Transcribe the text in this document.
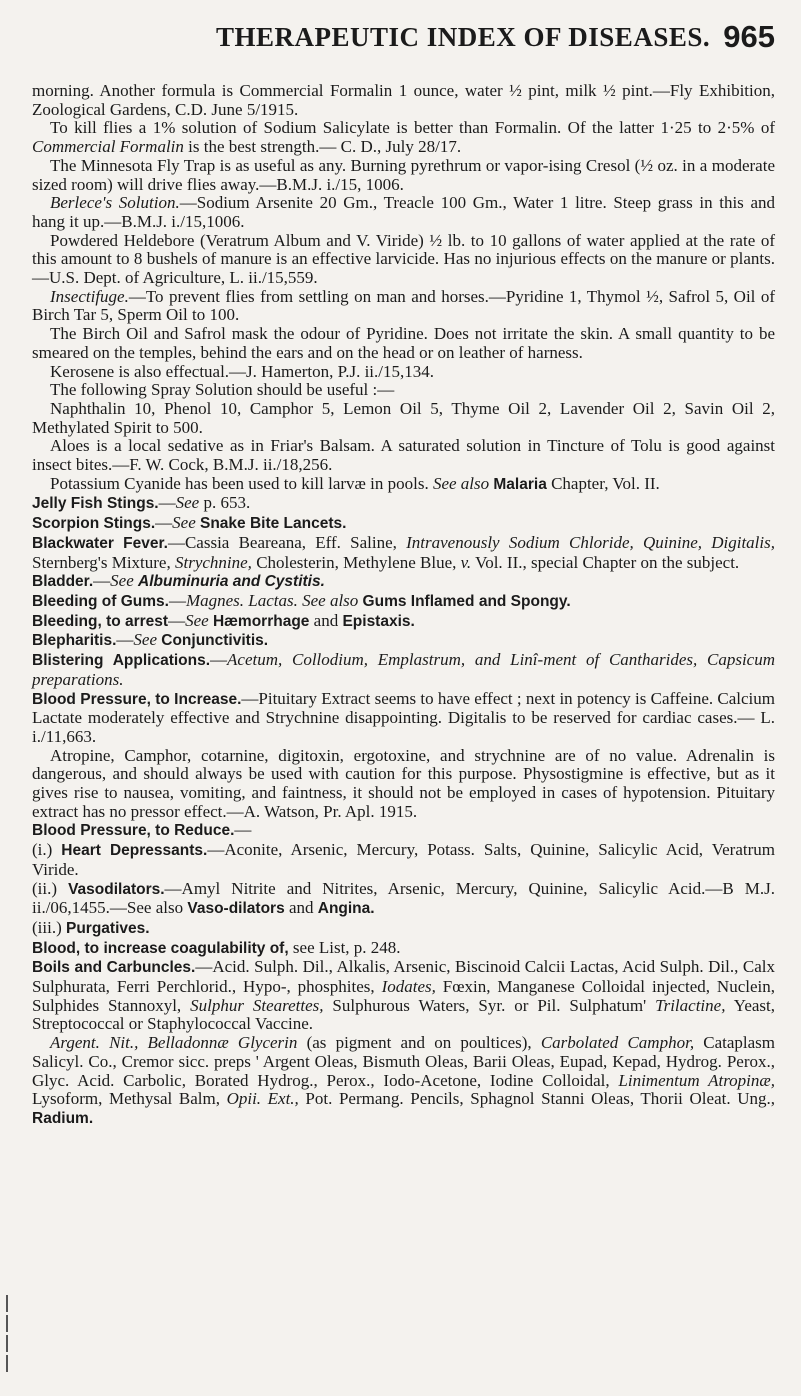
THERAPEUTIC INDEX OF DISEASES. 965

morning. Another formula is Commercial Formalin 1 ounce, water ½ pint, milk ½ pint.—Fly Exhibition, Zoological Gardens, C.D. June 5/1915.

To kill flies a 1% solution of Sodium Salicylate is better than Formalin. Of the latter 1·25 to 2·5% of Commercial Formalin is the best strength.— C. D., July 28/17.

The Minnesota Fly Trap is as useful as any. Burning pyrethrum or vapor-ising Cresol (½ oz. in a moderate sized room) will drive flies away.—B.M.J. i./15, 1006.

Berlece's Solution.—Sodium Arsenite 20 Gm., Treacle 100 Gm., Water 1 litre. Steep grass in this and hang it up.—B.M.J. i./15,1006.

Powdered Heldebore (Veratrum Album and V. Viride) ½ lb. to 10 gallons of water applied at the rate of this amount to 8 bushels of manure is an effective larvicide. Has no injurious effects on the manure or plants.—U.S. Dept. of Agriculture, L. ii./15,559.

Insectifuge.—To prevent flies from settling on man and horses.—Pyridine 1, Thymol ½, Safrol 5, Oil of Birch Tar 5, Sperm Oil to 100.

The Birch Oil and Safrol mask the odour of Pyridine. Does not irritate the skin. A small quantity to be smeared on the temples, behind the ears and on the head or on leather of harness.

Kerosene is also effectual.—J. Hamerton, P.J. ii./15,134.

The following Spray Solution should be useful :—

Naphthalin 10, Phenol 10, Camphor 5, Lemon Oil 5, Thyme Oil 2, Lavender Oil 2, Savin Oil 2, Methylated Spirit to 500.

Aloes is a local sedative as in Friar's Balsam. A saturated solution in Tincture of Tolu is good against insect bites.—F. W. Cock, B.M.J. ii./18,256.

Potassium Cyanide has been used to kill larvæ in pools. See also Malaria Chapter, Vol. II.

Jelly Fish Stings.—See p. 653.

Scorpion Stings.—See Snake Bite Lancets.

Blackwater Fever.—Cassia Beareana, Eff. Saline, Intravenously Sodium Chloride, Quinine, Digitalis, Sternberg's Mixture, Strychnine, Cholesterin, Methylene Blue, v. Vol. II., special Chapter on the subject.

Bladder.—See Albuminuria and Cystitis.

Bleeding of Gums.—Magnes. Lactas. See also Gums Inflamed and Spongy.

Bleeding, to arrest—See Hæmorrhage and Epistaxis.

Blepharitis.—See Conjunctivitis.

Blistering Applications.—Acetum, Collodium, Emplastrum, and Linî-ment of Cantharides, Capsicum preparations.

Blood Pressure, to Increase.—Pituitary Extract seems to have effect ; next in potency is Caffeine. Calcium Lactate moderately effective and Strychnine disappointing. Digitalis to be reserved for cardiac cases.— L. i./11,663.

Atropine, Camphor, cotarnine, digitoxin, ergotoxine, and strychnine are of no value. Adrenalin is dangerous, and should always be used with caution for this purpose. Physostigmine is effective, but as it gives rise to nausea, vomiting, and faintness, it should not be employed in cases of hypotension. Pituitary extract has no pressor effect.—A. Watson, Pr. Apl. 1915.

Blood Pressure, to Reduce.—

(i.) Heart Depressants.—Aconite, Arsenic, Mercury, Potass. Salts, Quinine, Salicylic Acid, Veratrum Viride.

(ii.) Vasodilators.—Amyl Nitrite and Nitrites, Arsenic, Mercury, Quinine, Salicylic Acid.—B M.J. ii./06,1455.—See also Vaso-dilators and Angina.

(iii.) Purgatives.

Blood, to increase coagulability of, see List, p. 248.

Boils and Carbuncles.—Acid. Sulph. Dil., Alkalis, Arsenic, Biscinoid Calcii Lactas, Acid Sulph. Dil., Calx Sulphurata, Ferri Perchlorid., Hypo-, phosphites, Iodates, Fœxin, Manganese Colloidal injected, Nuclein, Sulphides Stannoxyl, Sulphur Stearettes, Sulphurous Waters, Syr. or Pil. Sulphatum' Trilactine, Yeast, Streptococcal or Staphylococcal Vaccine.

Argent. Nit., Belladonnæ Glycerin (as pigment and on poultices), Carbolated Camphor, Cataplasm Salicyl. Co., Cremor sicc. preps ' Argent Oleas, Bismuth Oleas, Barii Oleas, Eupad, Kepad, Hydrog. Perox., Glyc. Acid. Carbolic, Borated Hydrog., Perox., Iodo-Acetone, Iodine Colloidal, Linimentum Atropinæ, Lysoform, Methysal Balm, Opii. Ext., Pot. Permang. Pencils, Sphagnol Stanni Oleas, Thorii Oleat. Ung., Radium.
